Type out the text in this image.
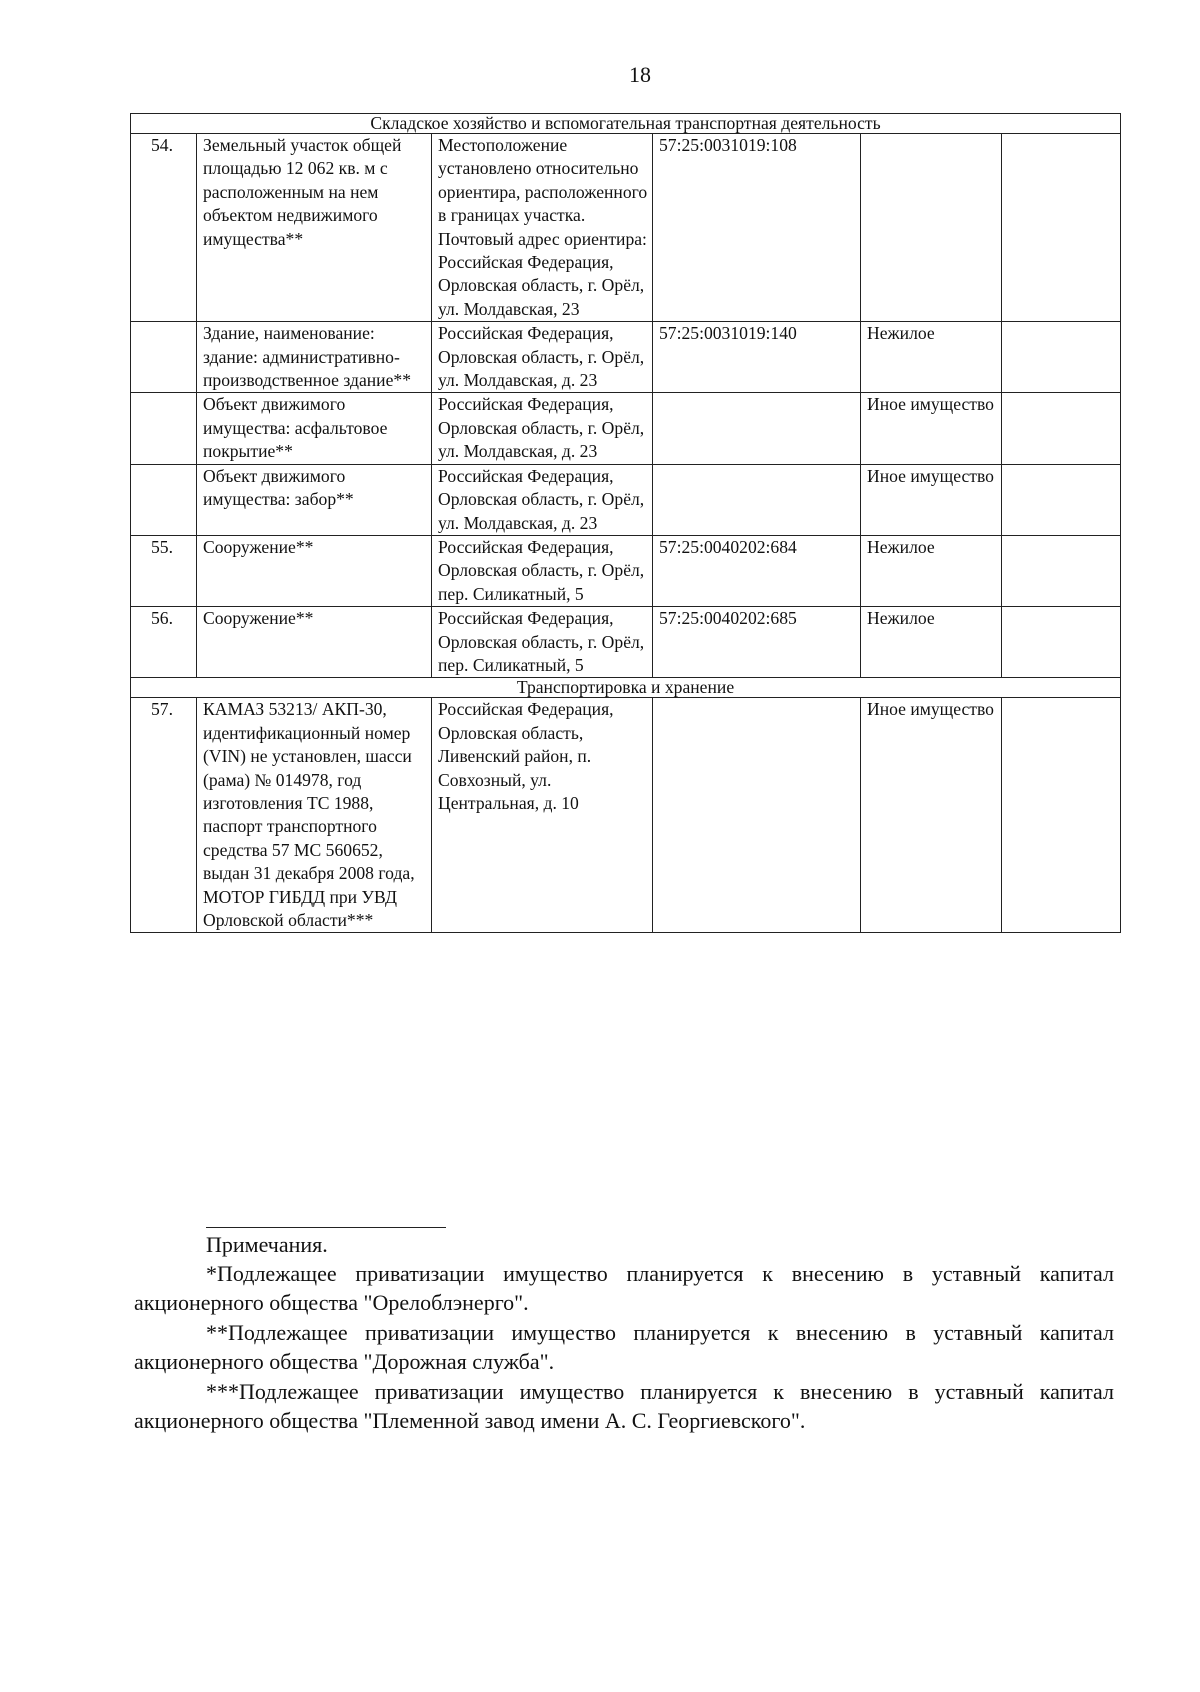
18
Складское хозяйство и вспомогательная транспортная деятельность					
54.	Земельный участок общей площадью 12 062 кв. м с расположенным на нем объектом недвижимого имущества**	Местоположение установлено относительно ориентира, расположенного в границах участка. Почтовый адрес ориентира: Российская Федерация, Орловская область, г. Орёл, ул. Молдавская, 23	57:25:0031019:108		
	Здание, наименование: здание: административно-производственное здание**	Российская Федерация, Орловская область, г. Орёл, ул. Молдавская, д. 23	57:25:0031019:140	Нежилое	
	Объект движимого имущества: асфальтовое покрытие**	Российская Федерация, Орловская область, г. Орёл, ул. Молдавская, д. 23		Иное имущество	
	Объект движимого имущества: забор**	Российская Федерация, Орловская область, г. Орёл, ул. Молдавская, д. 23		Иное имущество	
55.	Сооружение**	Российская Федерация, Орловская область, г. Орёл, пер. Силикатный, 5	57:25:0040202:684	Нежилое	
56.	Сооружение**	Российская Федерация, Орловская область, г. Орёл, пер. Силикатный, 5	57:25:0040202:685	Нежилое	
Транспортировка и хранение					
57.	КАМАЗ 53213/ АКП-30, идентификационный номер (VIN) не установлен, шасси (рама) № 014978, год изготовления ТС 1988, паспорт транспортного средства 57 МС 560652, выдан 31 декабря 2008 года, МОТОР ГИБДД при УВД Орловской области***	Российская Федерация, Орловская область, Ливенский район, п. Совхозный, ул. Центральная, д. 10		Иное имущество	
Примечания.

*Подлежащее приватизации имущество планируется к внесению в уставный капитал акционерного общества "Орелоблэнерго".

**Подлежащее приватизации имущество планируется к внесению в уставный капитал акционерного общества "Дорожная служба".

***Подлежащее приватизации имущество планируется к внесению в уставный капитал акционерного общества "Племенной завод имени А. С. Георгиевского".
